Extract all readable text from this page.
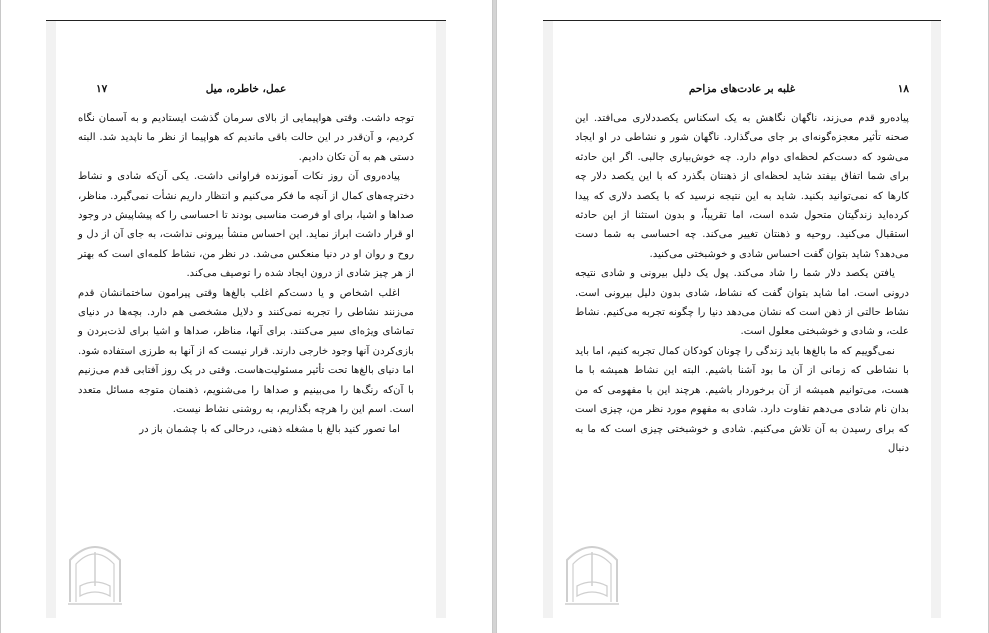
۱۷	عمل، خاطره، میل

توجه داشت. وقتی هواپیمایی از بالای سرمان گذشت ایستادیم و به آسمان نگاه کردیم، و آن‌قدر در این حالت باقی ماندیم که هواپیما از نظر ما ناپدید شد. البته دستی هم به آن تکان دادیم.

پیاده‌روی آن روز نکات آموزنده فراوانی داشت. یکی آن‌که شادی و نشاط دخترچه‌های کمال از آنچه ما فکر می‌کنیم و انتظار داریم نشأت نمی‌گیرد. مناظر، صداها و اشیا، برای او فرصت مناسبی بودند تا احساسی را که پیشاپیش در وجود او قرار داشت ابراز نماید. این احساس منشأ بیرونی نداشت، به جای آن از دل و روح و روان او در دنیا منعکس می‌شد. در نظر من، نشاط کلمه‌ای است که بهتر از هر چیز شادی از درون ایجاد شده را توصیف می‌کند.

اغلب اشخاص و یا دست‌کم اغلب بالغ‌ها وقتی پیرامون ساختمانشان قدم می‌زنند نشاطی را تجربه نمی‌کنند و دلایل مشخصی هم دارد. بچه‌ها در دنیای تماشای ویژه‌ای سیر می‌کنند. برای آنها، مناظر، صداها و اشیا برای لذت‌بردن و بازی‌کردن آنها وجود خارجی دارند. قرار نیست که از آنها به طرزی استفاده شود. اما دنیای بالغ‌ها تحت تأثیر مسئولیت‌هاست. وقتی در یک روز آفتابی قدم می‌زنیم با آن‌که رنگ‌ها را می‌بینیم و صداها را می‌شنویم، ذهنمان متوجه مسائل متعدد است. اسم این را هرچه بگذاریم، به روشنی نشاط نیست.

اما تصور کنید بالغ با مشغله ذهنی، درحالی که با چشمان باز در

۱۸
غلبه بر عادت‌های مزاحم

پیاده‌رو قدم می‌زند، ناگهان نگاهش به یک اسکناس یکصددلاری می‌افتد. این صحنه تأثیر معجزه‌گونه‌ای بر جای می‌گذارد. ناگهان شور و نشاطی در او ایجاد می‌شود که دست‌کم لحظه‌ای دوام دارد. چه خوش‌بیاری جالبی. اگر این حادثه برای شما اتفاق بیفتد شاید لحظه‌ای از ذهنتان بگذرد که با این یکصد دلار چه کارها که نمی‌توانید بکنید. شاید به این نتیجه نرسید که با یکصد دلاری که پیدا کرده‌اید زندگیتان متحول شده است، اما تقریباً، و بدون استثنا از این حادثه استقبال می‌کنید. روحیه و ذهنتان تغییر می‌کند. چه احساسی به شما دست می‌دهد؟ شاید بتوان گفت احساس شادی و خوشبختی می‌کنید.

یافتن یکصد دلار شما را شاد می‌کند. پول یک دلیل بیرونی و شادی نتیجه درونی است. اما شاید بتوان گفت که نشاط، شادی بدون دلیل بیرونی است. نشاط حالتی از ذهن است که نشان می‌دهد دنیا را چگونه تجربه می‌کنیم. نشاط علت، و شادی و خوشبختی معلول است.

نمی‌گوییم که ما بالغ‌ها باید زندگی را چونان کودکان کمال تجربه کنیم، اما باید با نشاطی که زمانی از آن ما بود آشنا باشیم. البته این نشاط همیشه با ما هست، می‌توانیم همیشه از آن برخوردار باشیم. هرچند این با مفهومی که من بدان نام شادی می‌دهم تفاوت دارد. شادی به مفهوم مورد نظر من، چیزی است که برای رسیدن به آن تلاش می‌کنیم. شادی و خوشبختی چیزی است که ما به دنبال
